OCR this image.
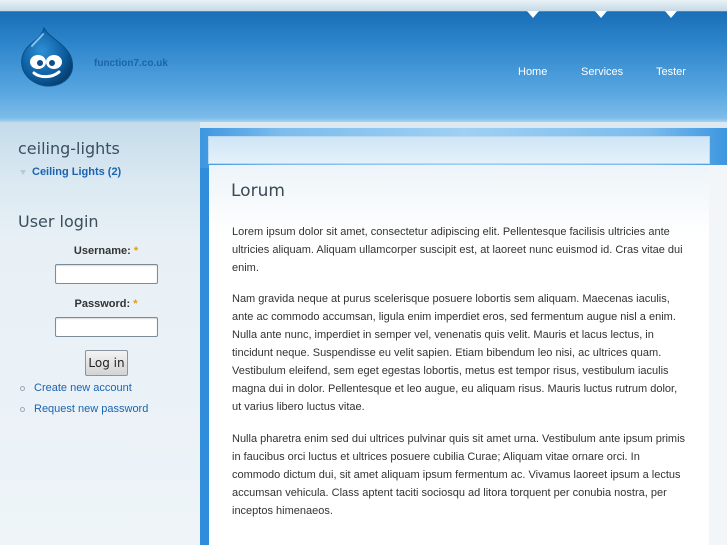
function7.co.uk
Home	Services	Tester
ceiling-lights
Ceiling Lights (2)
User login
Username: *
Password: *
Log in
Create new account
Request new password
Lorum

Lorem ipsum dolor sit amet, consectetur adipiscing elit. Pellentesque facilisis ultricies ante ultricies aliquam. Aliquam ullamcorper suscipit est, at laoreet nunc euismod id. Cras vitae dui enim.

Nam gravida neque at purus scelerisque posuere lobortis sem aliquam. Maecenas iaculis, ante ac commodo accumsan, ligula enim imperdiet eros, sed fermentum augue nisl a enim. Nulla ante nunc, imperdiet in semper vel, venenatis quis velit. Mauris et lacus lectus, in tincidunt neque. Suspendisse eu velit sapien. Etiam bibendum leo nisi, ac ultrices quam. Vestibulum eleifend, sem eget egestas lobortis, metus est tempor risus, vestibulum iaculis magna dui in dolor. Pellentesque et leo augue, eu aliquam risus. Mauris luctus rutrum dolor, ut varius libero luctus vitae.

Nulla pharetra enim sed dui ultrices pulvinar quis sit amet urna. Vestibulum ante ipsum primis in faucibus orci luctus et ultrices posuere cubilia Curae; Aliquam vitae ornare orci. In commodo dictum dui, sit amet aliquam ipsum fermentum ac. Vivamus laoreet ipsum a lectus accumsan vehicula. Class aptent taciti sociosqu ad litora torquent per conubia nostra, per inceptos himenaeos.
